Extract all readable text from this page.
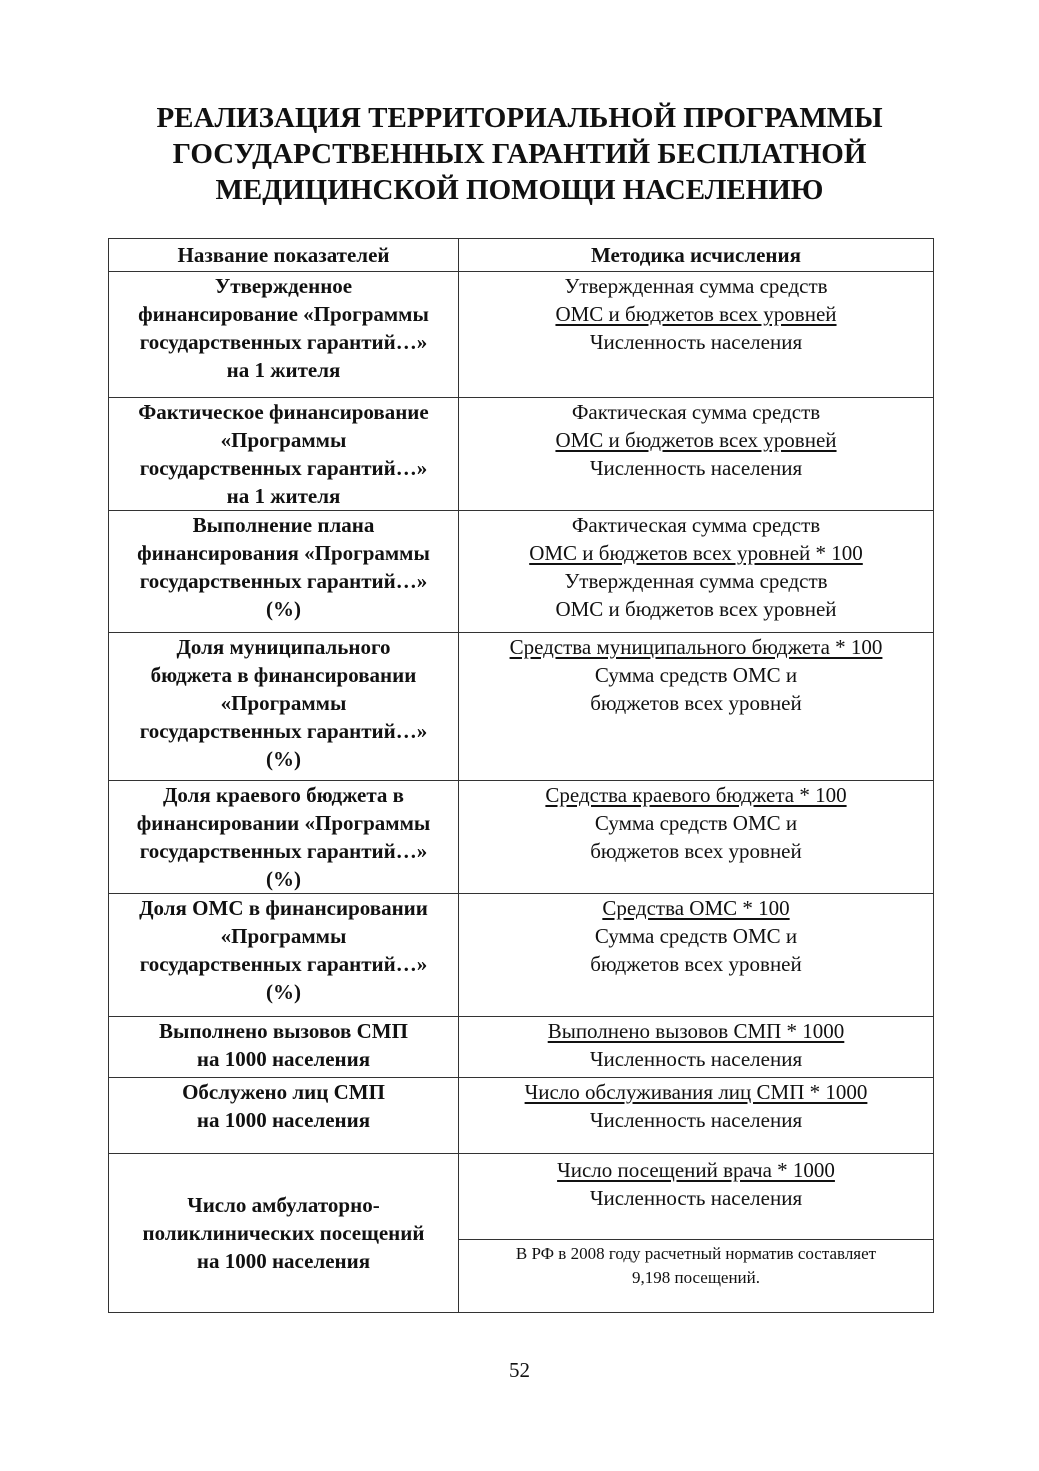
РЕАЛИЗАЦИЯ ТЕРРИТОРИАЛЬНОЙ ПРОГРАММЫ
ГОСУДАРСТВЕННЫХ ГАРАНТИЙ БЕСПЛАТНОЙ
МЕДИЦИНСКОЙ ПОМОЩИ НАСЕЛЕНИЮ
Название показателей	Методика исчисления

Утвержденное
финансирование «Программы
государственных гарантий…»
на 1 жителя	Утвержденная сумма средств
ОМС и бюджетов всех уровней
Численность населения

Фактическое финансирование
«Программы
государственных гарантий…»
на 1 жителя	Фактическая сумма средств
ОМС и бюджетов всех уровней
Численность населения

Выполнение плана
финансирования «Программы
государственных гарантий…»
(%)	Фактическая сумма средств
ОМС и бюджетов всех уровней * 100
Утвержденная сумма средств
ОМС и бюджетов всех уровней

Доля муниципального
бюджета в финансировании
«Программы
государственных гарантий…»
(%)	Средства муниципального бюджета * 100
Сумма средств ОМС и
бюджетов всех уровней

Доля краевого бюджета в
финансировании «Программы
государственных гарантий…»
(%)	Средства краевого бюджета * 100
Сумма средств ОМС и
бюджетов всех уровней

Доля ОМС в финансировании
«Программы
государственных гарантий…»
(%)	Средства ОМС * 100
Сумма средств ОМС и
бюджетов всех уровней

Выполнено вызовов СМП
на 1000 населения	Выполнено вызовов СМП * 1000
Численность населения

Обслужено лиц СМП
на 1000 населения	Число обслуживания лиц СМП * 1000
Численность населения

Число амбулаторно-
поликлинических посещений
на 1000 населения	Число посещений врача * 1000
Численность населения

	В РФ в 2008 году расчетный норматив составляет
9,198 посещений.
52
